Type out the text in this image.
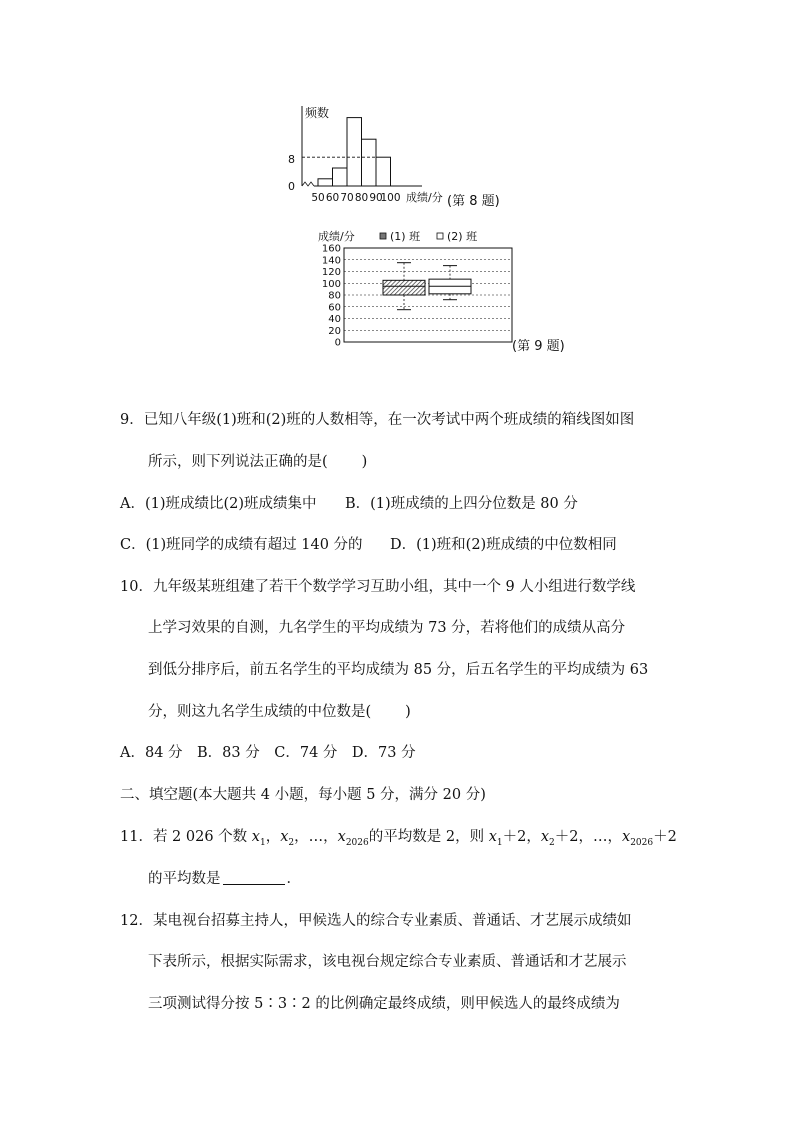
50 60 70 80 90
100
频数
8
0
成绩/分 (第 8 题)
成绩/分	(1) 班 (2) 班
160
140
120
100
80
60
40
20
0	(第 9 题)
9．已知八年级(1)班和(2)班的人数相等，在一次考试中两个班成绩的箱线图如图
所示，则下列说法正确的是( )
A．(1)班成绩比(2)班成绩集中 B．(1)班成绩的上四分位数是 80 分
C．(1)班同学的成绩有超过 140 分的 D．(1)班和(2)班成绩的中位数相同
10．九年级某班组建了若干个数学学习互助小组，其中一个 9 人小组进行数学线
上学习效果的自测，九名学生的平均成绩为 73 分，若将他们的成绩从高分
到低分排序后，前五名学生的平均成绩为 85 分，后五名学生的平均成绩为 63
分，则这九名学生成绩的中位数是( )
A．84 分　B．83 分　C．74 分　D．73 分
二、填空题(本大题共 4 小题，每小题 5 分，满分 20 分)
11．若 2 026 个数 $x_1$，$x_2$，…，$x_{2026}$的平均数是 2，则 $x_1+2$，$x_2+2$，…，$x_{2026}+2$
的平均数是	．
12．某电视台招募主持人，甲候选人的综合专业素质、普通话、才艺展示成绩如
下表所示，根据实际需求，该电视台规定综合专业素质、普通话和才艺展示
三项测试得分按 5∶3∶2 的比例确定最终成绩，则甲候选人的最终成绩为
